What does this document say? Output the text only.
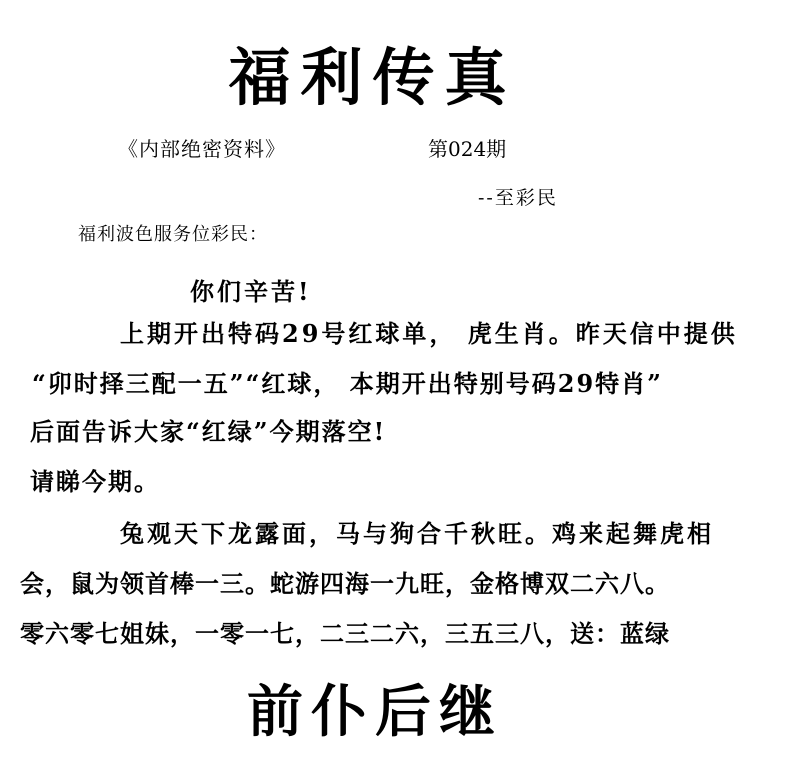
福利传真
《内部绝密资料》	第024期
--至彩民
福利波色服务位彩民：
你们辛苦!
上期开出特码29号红球单， 虎生肖。昨天信中提供
“卯时择三配一五”“红球， 本期开出特别号码29特肖”
后面告诉大家“红绿”今期落空!
请睇今期。
兔观天下龙露面，马与狗合千秋旺。鸡来起舞虎相
会，鼠为领首棒一三。蛇游四海一九旺，金格博双二六八。
零六零七姐妹，一零一七，二三二六，三五三八，送：蓝绿
前仆后继
